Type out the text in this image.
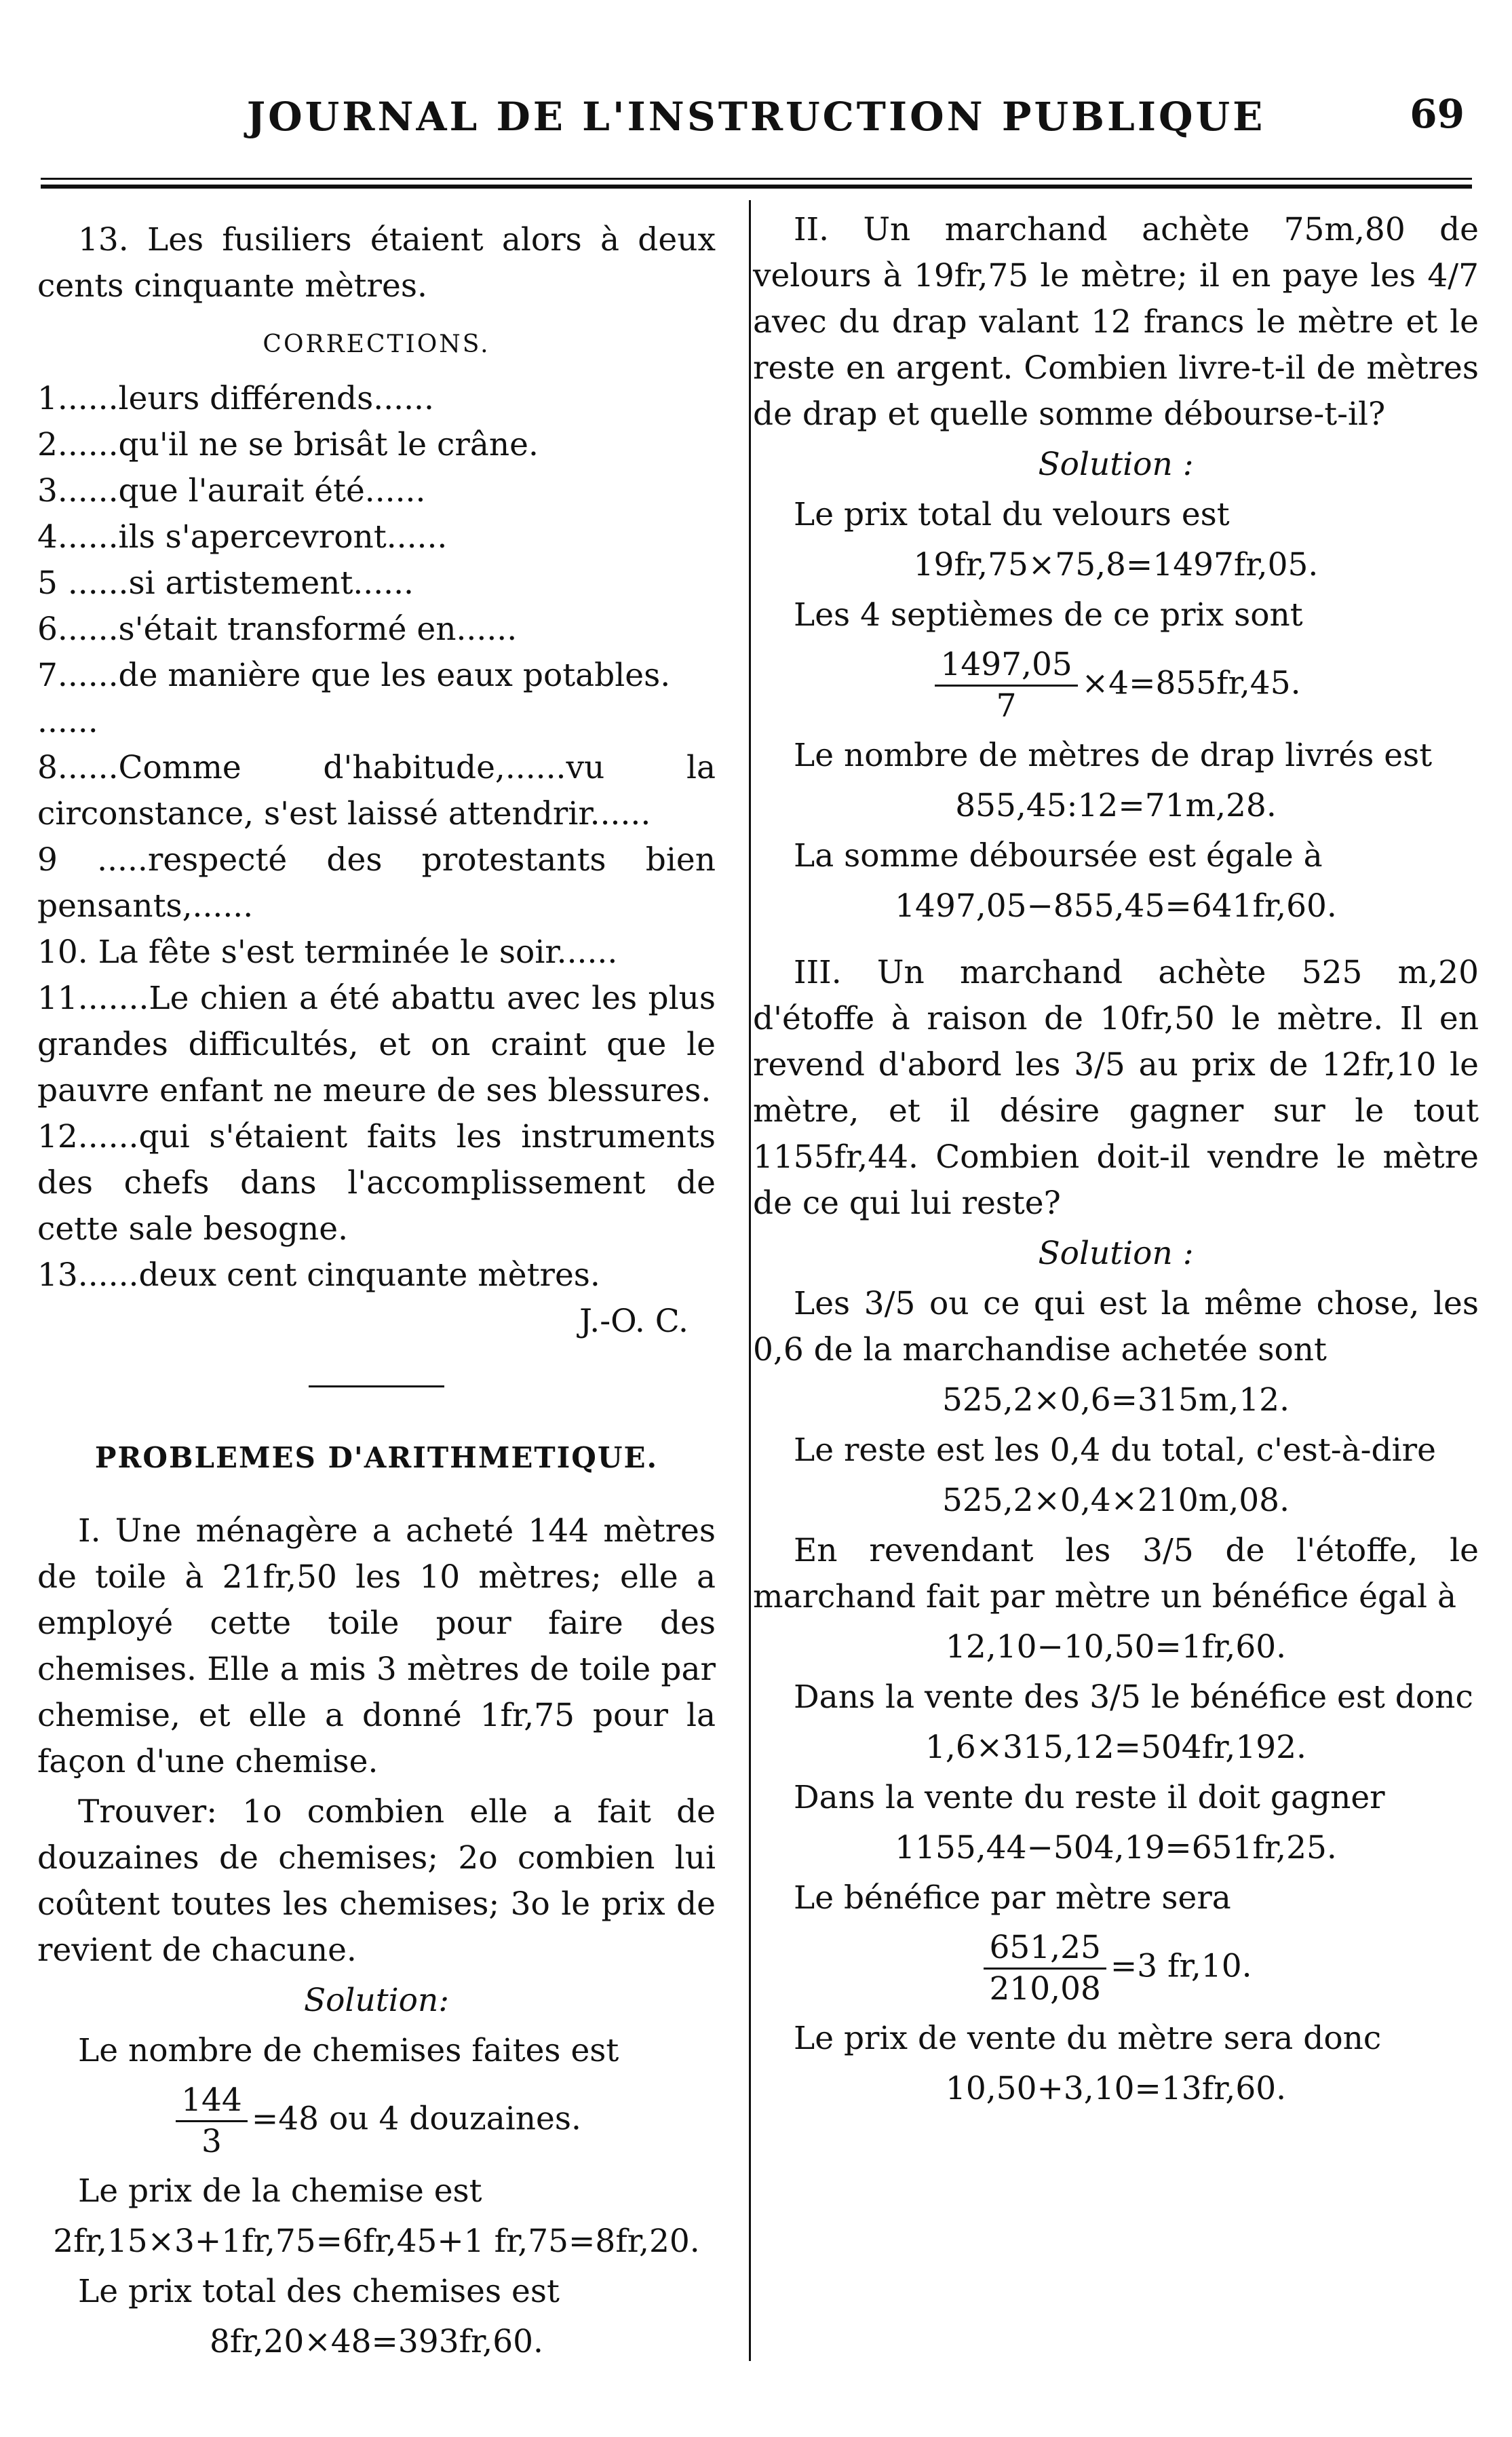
JOURNAL DE L'INSTRUCTION PUBLIQUE	69

13. Les fusiliers étaient alors à deux cents cinquante mètres.

CORRECTIONS.

1......leurs différends......

2......qu'il ne se brisât le crâne.

3......que l'aurait été......

4......ils s'apercevront......

5 ......si artistement......

6......s'était transformé en......

7......de manière que les eaux potables.

......

8......Comme d'habitude,......vu la circonstance, s'est laissé attendrir......

9 .....respecté des protestants bien pensants,......

10. La fête s'est terminée le soir......

11.......Le chien a été abattu avec les plus grandes difficultés, et on craint que le pauvre enfant ne meure de ses blessures.

12......qui s'étaient faits les instruments des chefs dans l'accomplissement de cette sale besogne.

13......deux cent cinquante mètres.

J.-O. C.

PROBLEMES D'ARITHMETIQUE.

I. Une ménagère a acheté 144 mètres de toile à 21fr,50 les 10 mètres; elle a employé cette toile pour faire des chemises. Elle a mis 3 mètres de toile par chemise, et elle a donné 1fr,75 pour la façon d'une chemise.

Trouver: 1o combien elle a fait de douzaines de chemises; 2o combien lui coûtent toutes les chemises; 3o le prix de revient de chacune.

Solution:

Le nombre de chemises faites est

$\frac{144}{3} =48$ ou 4 douzaines.

Le prix de la chemise est

2fr,15×3+1fr,75=6fr,45+1 fr,75=8fr,20.

Le prix total des chemises est

8fr,20×48=393fr,60.

II. Un marchand achète 75m,80 de velours à 19fr,75 le mètre; il en paye les 4/7 avec du drap valant 12 francs le mètre et le reste en argent. Combien livre-t-il de mètres de drap et quelle somme débourse-t-il?

Solution :

Le prix total du velours est

19fr,75×75,8=1497fr,05.

Les 4 septièmes de ce prix sont

$\frac{1497,05}{7} \times 4=855fr,45$.

Le nombre de mètres de drap livrés est

855,45:12=71m,28.

La somme déboursée est égale à

1497,05−855,45=641fr,60.

III. Un marchand achète 525 m,20 d'étoffe à raison de 10fr,50 le mètre. Il en revend d'abord les 3/5 au prix de 12fr,10 le mètre, et il désire gagner sur le tout 1155fr,44. Combien doit-il vendre le mètre de ce qui lui reste?

Solution :

Les 3/5 ou ce qui est la même chose, les 0,6 de la marchandise achetée sont

525,2×0,6=315m,12.

Le reste est les 0,4 du total, c'est-à-dire

525,2×0,4×210m,08.

En revendant les 3/5 de l'étoffe, le marchand fait par mètre un bénéfice égal à

12,10−10,50=1fr,60.

Dans la vente des 3/5 le bénéfice est donc

1,6×315,12=504fr,192.

Dans la vente du reste il doit gagner

1155,44−504,19=651fr,25.

Le bénéfice par mètre sera

$\frac{651,25}{210,08} =3$ fr,10.

Le prix de vente du mètre sera donc

10,50+3,10=13fr,60.
